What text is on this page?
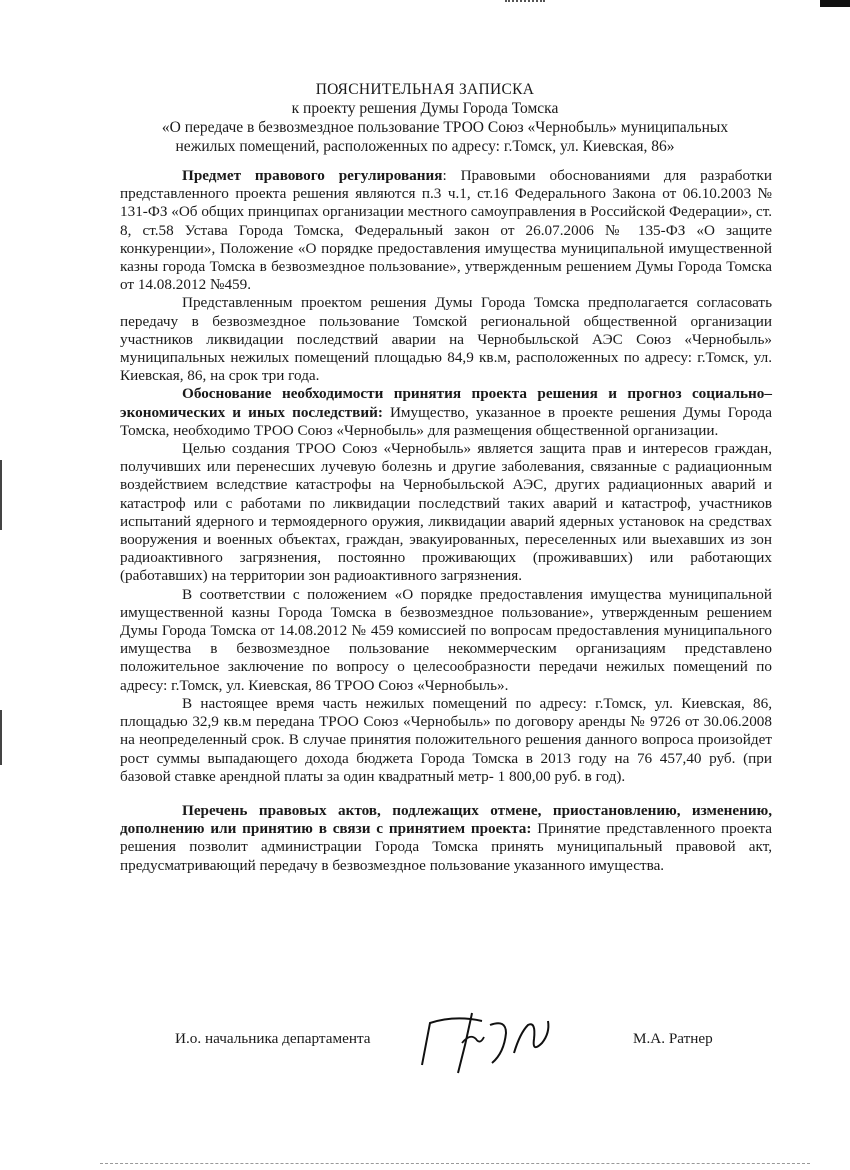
ПОЯСНИТЕЛЬНАЯ ЗАПИСКА
к проекту решения Думы Города Томска
«О передаче в безвозмездное пользование ТРОО Союз «Чернобыль» муниципальных
нежилых помещений, расположенных по адресу: г.Томск, ул. Киевская, 86»

Предмет правового регулирования: Правовыми обоснованиями для разработки представленного проекта решения являются п.3 ч.1, ст.16 Федерального Закона от 06.10.2003 № 131-ФЗ «Об общих принципах организации местного самоуправления в Российской Федерации», ст. 8, ст.58 Устава Города Томска, Федеральный закон от 26.07.2006 № 135-ФЗ «О защите конкуренции», Положение «О порядке предоставления имущества муниципальной имущественной казны города Томска в безвозмездное пользование», утвержденным решением Думы Города Томска от 14.08.2012 №459.

Представленным проектом решения Думы Города Томска предполагается согласовать передачу в безвозмездное пользование Томской региональной общественной организации участников ликвидации последствий аварии на Чернобыльской АЭС Союз «Чернобыль» муниципальных нежилых помещений площадью 84,9 кв.м, расположенных по адресу: г.Томск, ул. Киевская, 86, на срок три года.

Обоснование необходимости принятия проекта решения и прогноз социально–экономических и иных последствий: Имущество, указанное в проекте решения Думы Города Томска, необходимо ТРОО Союз «Чернобыль» для размещения общественной организации.

Целью создания ТРОО Союз «Чернобыль» является защита прав и интересов граждан, получивших или перенесших лучевую болезнь и другие заболевания, связанные с радиационным воздействием вследствие катастрофы на Чернобыльской АЭС, других радиационных аварий и катастроф или с работами по ликвидации последствий таких аварий и катастроф, участников испытаний ядерного и термоядерного оружия, ликвидации аварий ядерных установок на средствах вооружения и военных объектах, граждан, эвакуированных, переселенных или выехавших из зон радиоактивного загрязнения, постоянно проживающих (проживавших) или работающих (работавших) на территории зон радиоактивного загрязнения.

В соответствии с положением «О порядке предоставления имущества муниципальной имущественной казны Города Томска в безвозмездное пользование», утвержденным решением Думы Города Томска от 14.08.2012 № 459 комиссией по вопросам предоставления муниципального имущества в безвозмездное пользование некоммерческим организациям представлено положительное заключение по вопросу о целесообразности передачи нежилых помещений по адресу: г.Томск, ул. Киевская, 86 ТРОО Союз «Чернобыль».

В настоящее время часть нежилых помещений по адресу: г.Томск, ул. Киевская, 86, площадью 32,9 кв.м передана ТРОО Союз «Чернобыль» по договору аренды № 9726 от 30.06.2008 на неопределенный срок. В случае принятия положительного решения данного вопроса произойдет рост суммы выпадающего дохода бюджета Города Томска в 2013 году на 76 457,40 руб. (при базовой ставке арендной платы за один квадратный метр- 1 800,00 руб. в год).

Перечень правовых актов, подлежащих отмене, приостановлению, изменению, дополнению или принятию в связи с принятием проекта: Принятие представленного проекта решения позволит администрации Города Томска принять муниципальный правовой акт, предусматривающий передачу в безвозмездное пользование указанного имущества.

И.о. начальника департамента	М.А. Ратнер
